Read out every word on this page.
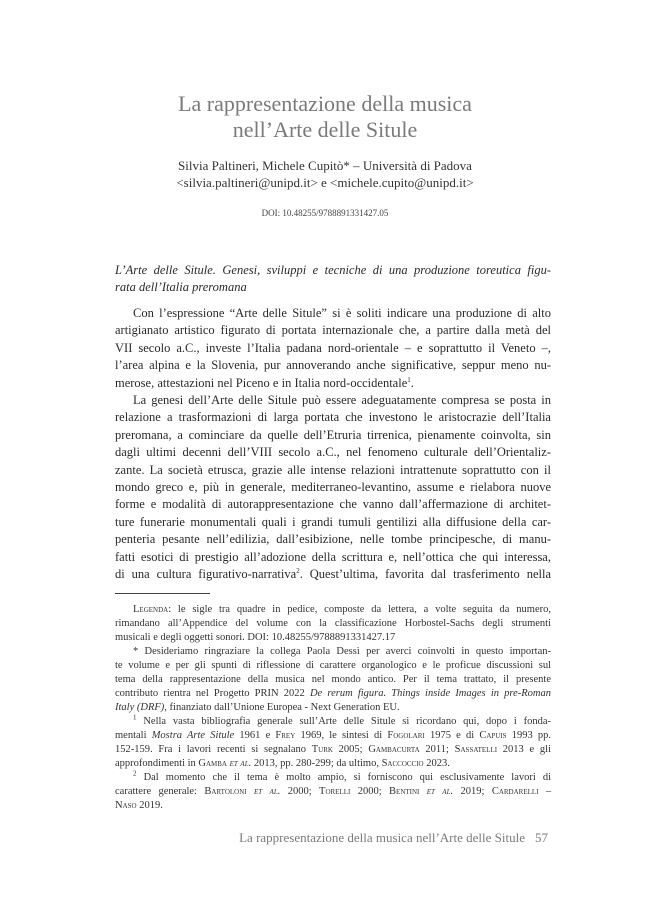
La rappresentazione della musica
nell’Arte delle Situle
Silvia Paltineri, Michele Cupitò* – Università di Padova
<silvia.paltineri@unipd.it> e <michele.cupito@unipd.it>
DOI: 10.48255/9788891331427.05
L’Arte delle Situle. Genesi, sviluppi e tecniche di una produzione toreutica figu-
rata dell’Italia preromana
Con l’espressione “Arte delle Situle” si è soliti indicare una produzione di alto
artigianato artistico figurato di portata internazionale che, a partire dalla metà del
VII secolo a.C., investe l’Italia padana nord-orientale – e soprattutto il Veneto –,
l’area alpina e la Slovenia, pur annoverando anche significative, seppur meno nu-
merose, attestazioni nel Piceno e in Italia nord-occidentale$^1$.
La genesi dell’Arte delle Situle può essere adeguatamente compresa se posta in
relazione a trasformazioni di larga portata che investono le aristocrazie dell’Italia
preromana, a cominciare da quelle dell’Etruria tirrenica, pienamente coinvolta, sin
dagli ultimi decenni dell’VIII secolo a.C., nel fenomeno culturale dell’Orientaliz-
zante. La società etrusca, grazie alle intense relazioni intrattenute soprattutto con il
mondo greco e, più in generale, mediterraneo-levantino, assume e rielabora nuove
forme e modalità di autorappresentazione che vanno dall’affermazione di architet-
ture funerarie monumentali quali i grandi tumuli gentilizi alla diffusione della car-
penteria pesante nell’edilizia, dall’esibizione, nelle tombe principesche, di manu-
fatti esotici di prestigio all’adozione della scrittura e, nell’ottica che qui interessa,
di una cultura figurativo-narrativa$^2$. Quest’ultima, favorita dal trasferimento nella
Legenda: le sigle tra quadre in pedice, composte da lettera, a volte seguita da numero,
rimandano all’Appendice del volume con la classificazione Horbostel-Sachs degli strumenti
musicali e degli oggetti sonori. DOI: 10.48255/9788891331427.17
* Desideriamo ringraziare la collega Paola Dessì per averci coinvolti in questo importan-
te volume e per gli spunti di riflessione di carattere organologico e le proficue discussioni sul
tema della rappresentazione della musica nel mondo antico. Per il tema trattato, il presente
contributo rientra nel Progetto PRIN 2022 De rerum figura. Things inside Images in pre-Roman
Italy (DRF), finanziato dall’Unione Europea - Next Generation EU.
$^1$ Nella vasta bibliografia generale sull’Arte delle Situle si ricordano qui, dopo i fonda-
mentali Mostra Arte Situle 1961 e Frey 1969, le sintesi di Fogolari 1975 e di Capuis 1993 pp.
152-159. Fra i lavori recenti si segnalano Turk 2005; Gambacurta 2011; Sassatelli 2013 e gli
approfondimenti in Gamba et al. 2013, pp. 280-299; da ultimo, Saccoccio 2023.
$^2$ Dal momento che il tema è molto ampio, si forniscono qui esclusivamente lavori di
carattere generale: Bartoloni et al. 2000; Torelli 2000; Bentini et al. 2019; Cardarelli –
Naso 2019.
La rappresentazione della musica nell’Arte delle Situle 57
